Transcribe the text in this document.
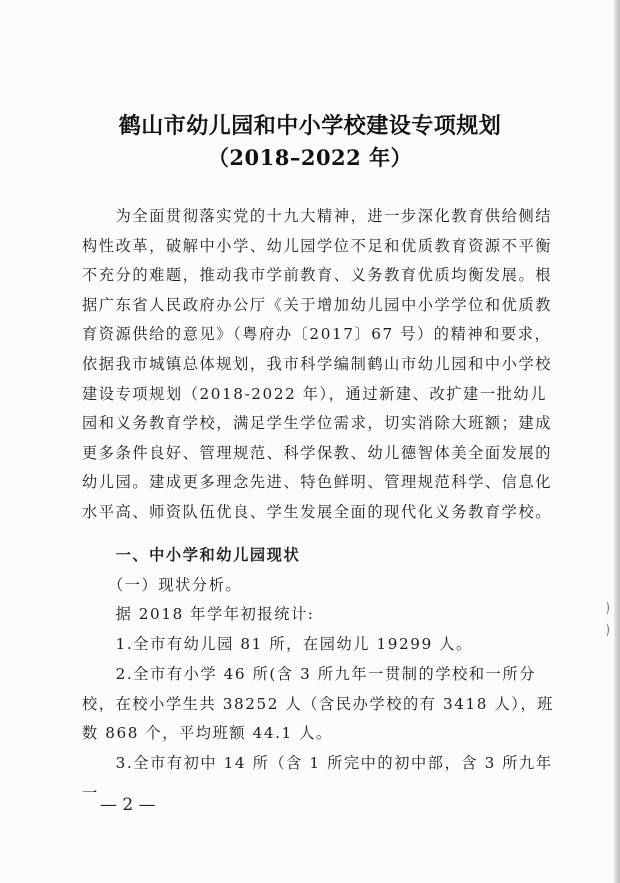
鹤山市幼儿园和中小学校建设专项规划
（2018–2022 年）
　　为全面贯彻落实党的十九大精神，进一步深化教育供给侧结构性改革，破解中小学、幼儿园学位不足和优质教育资源不平衡不充分的难题，推动我市学前教育、义务教育优质均衡发展。根据广东省人民政府办公厅《关于增加幼儿园中小学学位和优质教育资源供给的意见》（粤府办〔2017〕67 号）的精神和要求，依据我市城镇总体规划，我市科学编制鹤山市幼儿园和中小学校建设专项规划（2018-2022 年），通过新建、改扩建一批幼儿园和义务教育学校，满足学生学位需求，切实消除大班额；建成更多条件良好、管理规范、科学保教、幼儿德智体美全面发展的幼儿园。建成更多理念先进、特色鲜明、管理规范科学、信息化水平高、师资队伍优良、学生发展全面的现代化义务教育学校。
　　一、中小学和幼儿园现状
　　（一）现状分析。
　　据 2018 年学年初报统计:
　　1.全市有幼儿园 81 所，在园幼儿 19299 人。
　　2.全市有小学 46 所(含 3 所九年一贯制的学校和一所分校，在校小学生共 38252 人（含民办学校的有 3418 人），班数 868 个，平均班额 44.1 人。
　　3.全市有初中 14 所（含 1 所完中的初中部，含 3 所九年一
)
)
— 2 —
